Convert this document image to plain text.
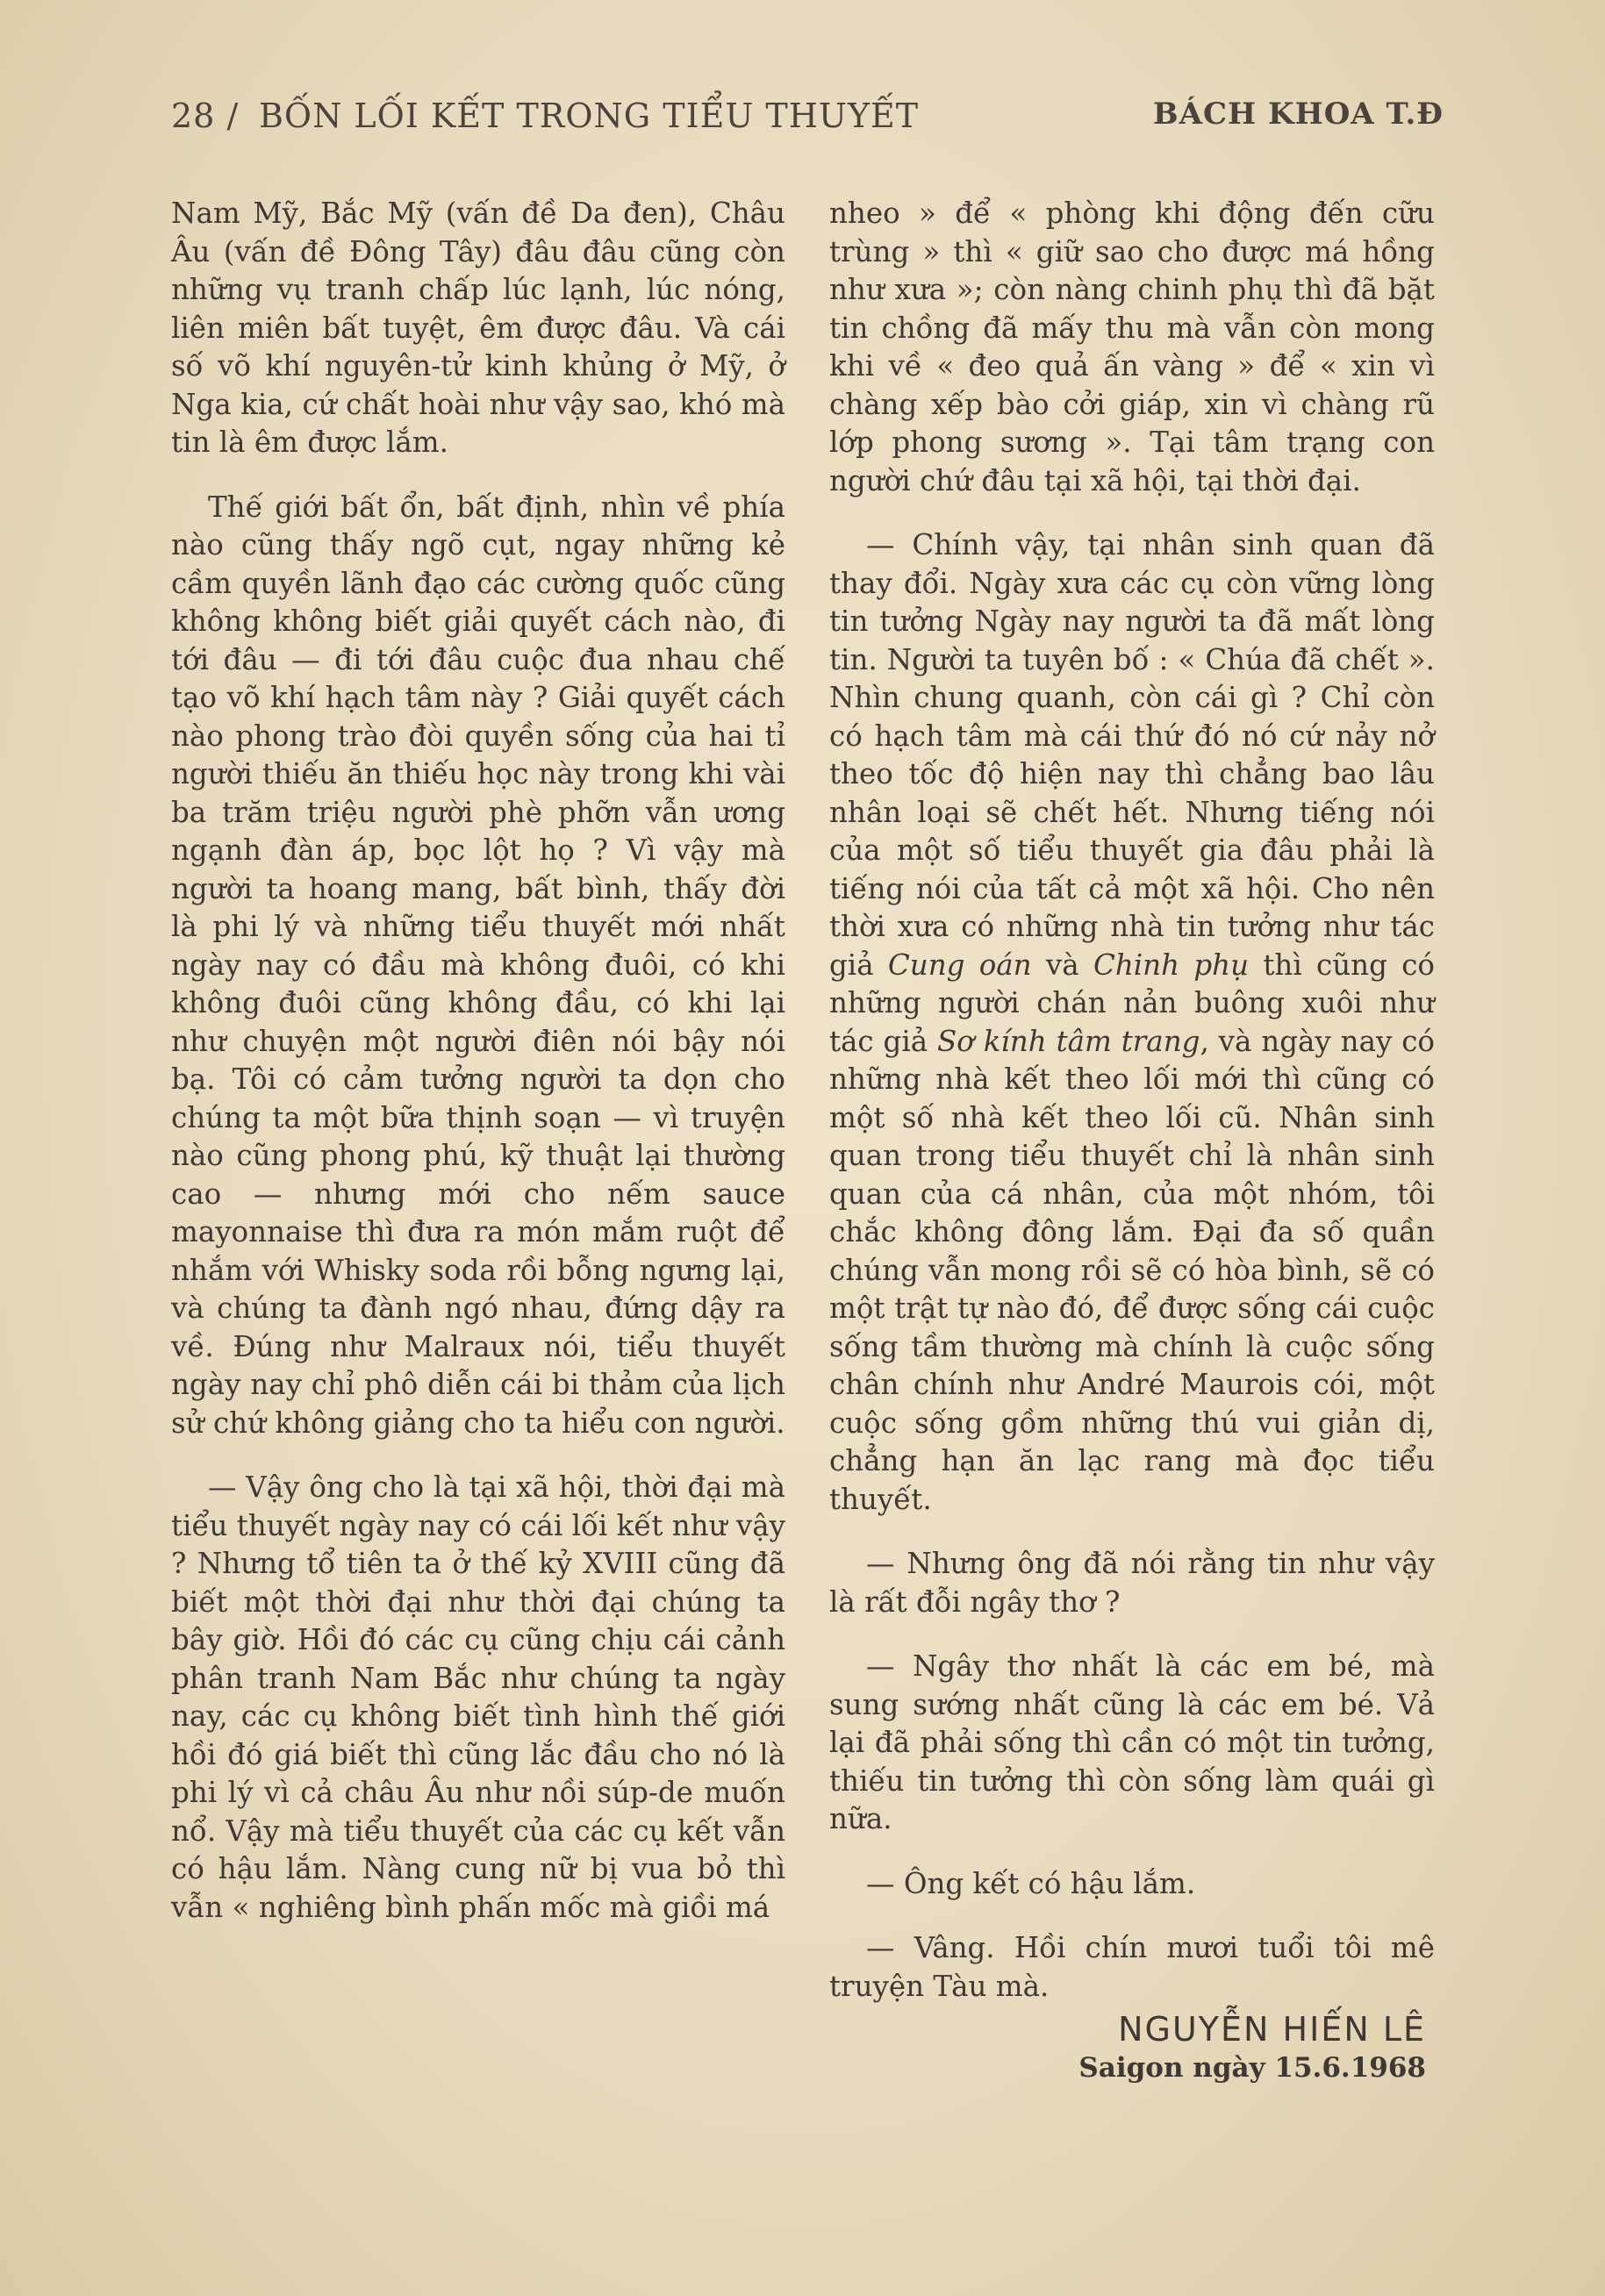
28 / BỐN LỐI KẾT TRONG TIỂU THUYẾT	BÁCH KHOA T.Đ

Nam Mỹ, Bắc Mỹ (vấn đề Da đen), Châu Âu (vấn đề Đông Tây) đâu đâu cũng còn những vụ tranh chấp lúc lạnh, lúc nóng, liên miên bất tuyệt, êm được đâu. Và cái số võ khí nguyên-tử kinh khủng ở Mỹ, ở Nga kia, cứ chất hoài như vậy sao, khó mà tin là êm được lắm.

Thế giới bất ổn, bất định, nhìn về phía nào cũng thấy ngõ cụt, ngay những kẻ cầm quyền lãnh đạo các cường quốc cũng không không biết giải quyết cách nào, đi tới đâu — đi tới đâu cuộc đua nhau chế tạo võ khí hạch tâm này ? Giải quyết cách nào phong trào đòi quyền sống của hai tỉ người thiếu ăn thiếu học này trong khi vài ba trăm triệu người phè phỡn vẫn ương ngạnh đàn áp, bọc lột họ ? Vì vậy mà người ta hoang mang, bất bình, thấy đời là phi lý và những tiểu thuyết mới nhất ngày nay có đầu mà không đuôi, có khi không đuôi cũng không đầu, có khi lại như chuyện một người điên nói bậy nói bạ. Tôi có cảm tưởng người ta dọn cho chúng ta một bữa thịnh soạn — vì truyện nào cũng phong phú, kỹ thuật lại thường cao — nhưng mới cho nếm sauce mayonnaise thì đưa ra món mắm ruột để nhắm với Whisky soda rồi bỗng ngưng lại, và chúng ta đành ngó nhau, đứng dậy ra về. Đúng như Malraux nói, tiểu thuyết ngày nay chỉ phô diễn cái bi thảm của lịch sử chứ không giảng cho ta hiểu con người.

— Vậy ông cho là tại xã hội, thời đại mà tiểu thuyết ngày nay có cái lối kết như vậy ? Nhưng tổ tiên ta ở thế kỷ XVIII cũng đã biết một thời đại như thời đại chúng ta bây giờ. Hồi đó các cụ cũng chịu cái cảnh phân tranh Nam Bắc như chúng ta ngày nay, các cụ không biết tình hình thế giới hồi đó giá biết thì cũng lắc đầu cho nó là phi lý vì cả châu Âu như nồi súp-de muốn nổ. Vậy mà tiểu thuyết của các cụ kết vẫn có hậu lắm. Nàng cung nữ bị vua bỏ thì vẫn « nghiêng bình phấn mốc mà giồi má

nheo » để « phòng khi động đến cữu trùng » thì « giữ sao cho được má hồng như xưa »; còn nàng chinh phụ thì đã bặt tin chồng đã mấy thu mà vẫn còn mong khi về « đeo quả ấn vàng » để « xin vì chàng xếp bào cởi giáp, xin vì chàng rũ lớp phong sương ». Tại tâm trạng con người chứ đâu tại xã hội, tại thời đại.

— Chính vậy, tại nhân sinh quan đã thay đổi. Ngày xưa các cụ còn vững lòng tin tưởng Ngày nay người ta đã mất lòng tin. Người ta tuyên bố : « Chúa đã chết ». Nhìn chung quanh, còn cái gì ? Chỉ còn có hạch tâm mà cái thứ đó nó cứ nảy nở theo tốc độ hiện nay thì chẳng bao lâu nhân loại sẽ chết hết. Nhưng tiếng nói của một số tiểu thuyết gia đâu phải là tiếng nói của tất cả một xã hội. Cho nên thời xưa có những nhà tin tưởng như tác giả Cung oán và Chinh phụ thì cũng có những người chán nản buông xuôi như tác giả Sơ kính tâm trang, và ngày nay có những nhà kết theo lối mới thì cũng có một số nhà kết theo lối cũ. Nhân sinh quan trong tiểu thuyết chỉ là nhân sinh quan của cá nhân, của một nhóm, tôi chắc không đông lắm. Đại đa số quần chúng vẫn mong rồi sẽ có hòa bình, sẽ có một trật tự nào đó, để được sống cái cuộc sống tầm thường mà chính là cuộc sống chân chính như André Maurois cói, một cuộc sống gồm những thú vui giản dị, chẳng hạn ăn lạc rang mà đọc tiểu thuyết.

— Nhưng ông đã nói rằng tin như vậy là rất đỗi ngây thơ ?

— Ngây thơ nhất là các em bé, mà sung sướng nhất cũng là các em bé. Vả lại đã phải sống thì cần có một tin tưởng, thiếu tin tưởng thì còn sống làm quái gì nữa.

— Ông kết có hậu lắm.

— Vâng. Hồi chín mươi tuổi tôi mê truyện Tàu mà.

NGUYỄN HIẾN LÊ
Saigon ngày 15.6.1968
